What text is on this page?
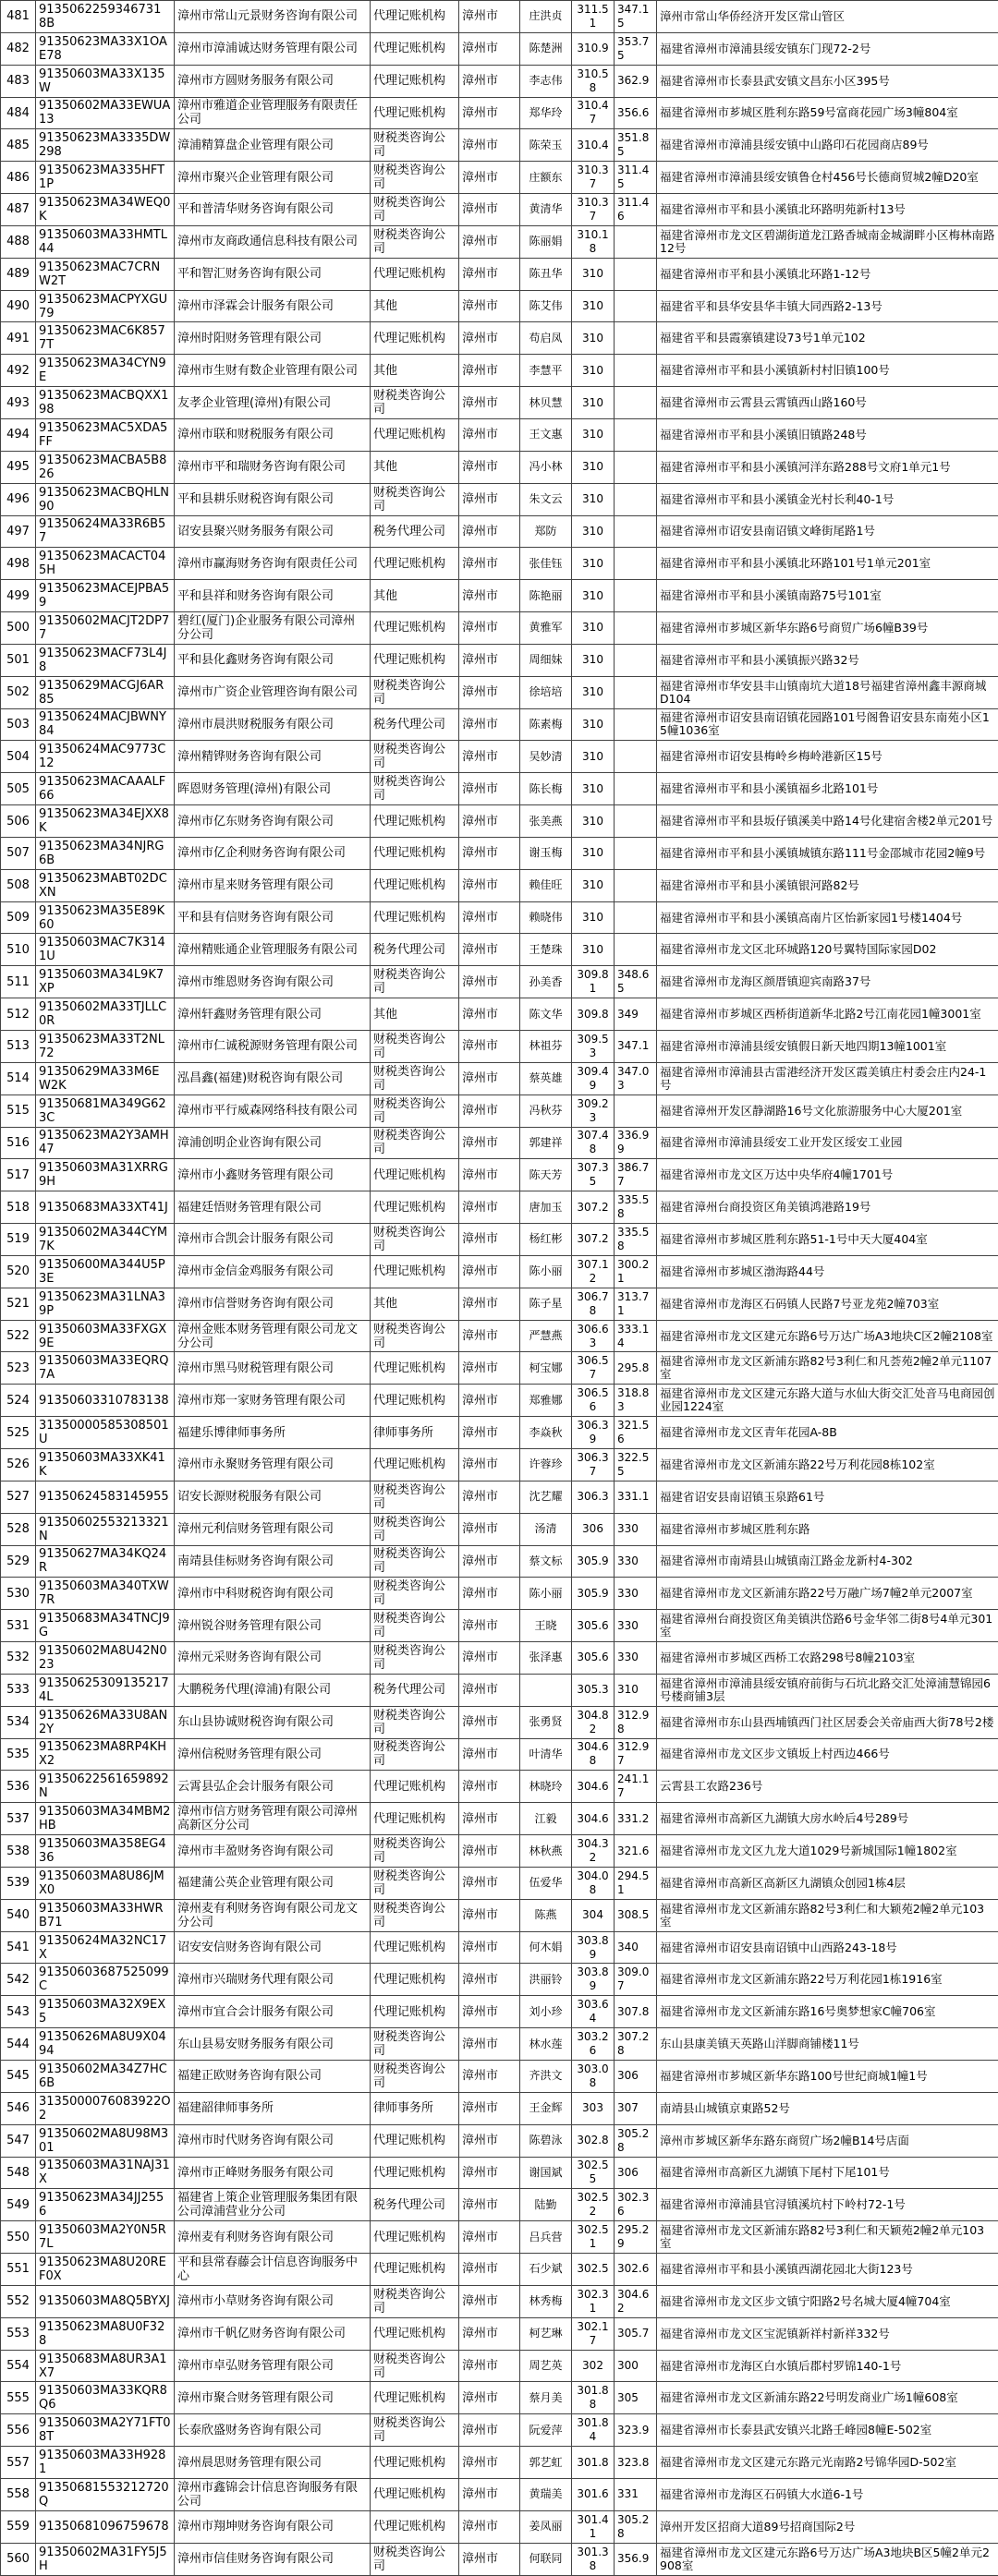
481	9135062259346731 8B	漳州市常山元景财务咨询有限公司	代理记账机构	漳州市	庄洪贞	311.51	347.15	漳州市常山华侨经济开发区常山管区
482	91350623MA33X1OAE78	漳州市漳浦诚达财务管理有限公司	代理记账机构	漳州市	陈楚洲	310.9	353.75	福建省漳州市漳浦县绥安镇东门现72-2号
483	91350603MA33X135W	漳州市方圆财务服务有限公司	代理记账机构	漳州市	李志伟	310.58	362.9	福建省漳州市长泰县武安镇文昌东小区395号
484	91350602MA33EWUA13	漳州市雅道企业管理服务有限责任公司	代理记账机构	漳州市	郑华玲	310.47	356.6	福建省漳州市芗城区胜利东路59号富商花园广场3幢804室
485	91350623MA3335DW298	漳浦精算盘企业管理有限公司	财税类咨询公司	漳州市	陈荣玉	310.4	351.85	福建省漳州市漳浦县绥安镇中山路印石花园商店89号
486	91350623MA335HFT1P	漳州市聚兴企业管理有限公司	财税类咨询公司	漳州市	庄额东	310.37	311.45	福建省漳州市漳浦县绥安镇鲁仓村456号长德商贸城2幢D20室
487	91350623MA34WEQ0K	平和普清华财务咨询有限公司	财税类咨询公司	漳州市	黄清华	310.37	311.46	福建省漳州市平和县小溪镇北环路明苑新村13号
488	91350603MA33HMTL44	漳州市友商政通信息科技有限公司	财税类咨询公司	漳州市	陈丽娟	310.18		福建省漳州市龙文区碧湖街道龙江路香城南金城湖畔小区梅林南路12号
489	91350623MAC7CRNW2T	平和智汇财务咨询有限公司	代理记账机构	漳州市	陈丑华	310		福建省漳州市平和县小溪镇北环路1-12号
490	91350623MACPYXGU79	漳州市泽霖会计服务有限公司	其他	漳州市	陈艾伟	310		福建省平和县华安县华丰镇大同西路2-13号
491	91350623MAC6K8577T	漳州时阳财务管理有限公司	代理记账机构	漳州市	苟启凤	310		福建省平和县霞寨镇建设73号1单元102
492	91350623MA34CYN9E	漳州市生财有数企业管理有限公司	其他	漳州市	李慧平	310		福建省漳州市平和县小溪镇新村村旧镇100号
493	91350623MACBQXX198	友孝企业管理(漳州)有限公司	财税类咨询公司	漳州市	林贝慧	310		福建省漳州市云霄县云霄镇西山路160号
494	91350623MAC5XDA5FF	漳州市联和财税服务有限公司	代理记账机构	漳州市	王文惠	310		福建省漳州市平和县小溪镇旧镇路248号
495	91350623MACBA5B826	漳州市平和瑞财务咨询有限公司	其他	漳州市	冯小林	310		福建省漳州市平和县小溪镇河洋东路288号文府1单元1号
496	91350623MACBQHLN90	平和县耕乐财税咨询有限公司	财税类咨询公司	漳州市	朱文云	310		福建省漳州市平和县小溪镇金光村长利40-1号
497	91350624MA33R6B57	诏安县聚兴财务服务有限公司	税务代理公司	漳州市	郑防	310		福建省漳州市诏安县南诏镇文峰街尾路1号
498	91350623MACACT045H	漳州市赢海财务咨询有限责任公司	代理记账机构	漳州市	张佳钰	310		福建省漳州市平和县小溪镇北环路101号1单元201室
499	91350623MACEJPBA59	平和县祥和财务咨询有限公司	其他	漳州市	陈艳丽	310		福建省漳州市平和县小溪镇南路75号101室
500	91350602MACJT2DP77	碧红(厦门)企业服务有限公司漳州分公司	代理记账机构	漳州市	黄雅军	310		福建省漳州市芗城区新华东路6号商贸广场6幢B39号
501	91350623MACF73L4J8	平和县化鑫财务咨询有限公司	代理记账机构	漳州市	周细妹	310		福建省漳州市平和县小溪镇振兴路32号
502	91350629MACGJ6AR85	漳州市广资企业管理咨询有限公司	财税类咨询公司	漳州市	徐培培	310		福建省漳州市华安县丰山镇南坑大道18号福建省漳州鑫丰源商城D104
503	91350624MACJBWNY84	漳州市晨洪财税服务有限公司	税务代理公司	漳州市	陈素梅	310		福建省漳州市诏安县南诏镇花园路101号阁鲁诏安县东南苑小区15幢1036室
504	91350624MAC9773C12	漳州精铧财务咨询有限公司	财税类咨询公司	漳州市	吴妙清	310		福建省漳州市诏安县梅岭乡梅岭港新区15号
505	91350623MACAAALF66	晖恩财务管理(漳州)有限公司	财税类咨询公司	漳州市	陈长梅	310		福建省漳州市平和县小溪镇福乡北路101号
506	91350623MA34EJXX8K	漳州市亿东财务咨询有限公司	代理记账机构	漳州市	张美燕	310		福建省漳州市平和县坂仔镇溪美中路14号化建宿舍楼2单元201号
507	91350623MA34NJRG6B	漳州市亿企利财务咨询有限公司	代理记账机构	漳州市	谢玉梅	310		福建省漳州市平和县小溪镇城镇东路111号金邵城市花园2幢9号
508	91350623MABT02DCXN	漳州市星来财务管理有限公司	代理记账机构	漳州市	赖佳旺	310		福建省漳州市平和县小溪镇银河路82号
509	91350623MA35E89K60	平和县有信财务咨询有限公司	代理记账机构	漳州市	赖晓伟	310		福建省漳州市平和县小溪镇高南片区怡新家园1号楼1404号
510	91350603MAC7K3141U	漳州精账通企业管理服务有限公司	税务代理公司	漳州市	王楚珠	310		福建省漳州市龙文区北环城路120号翼特国际家园D02
511	91350603MA34L9K7XP	漳州市维恩财务咨询有限公司	财税类咨询公司	漳州市	孙美香	309.81	348.65	福建省漳州市龙海区颜厝镇迎宾南路37号
512	91350602MA33TJLLC0R	漳州轩鑫财务管理有限公司	其他	漳州市	陈文华	309.8	349	福建省漳州市芗城区西桥街道新华北路2号江南花园1幢3001室
513	91350623MA33T2NL72	漳州市仁诚税源财务管理有限公司	财税类咨询公司	漳州市	林祖芬	309.53	347.1	福建省漳州市漳浦县绥安镇假日新天地四期13幢1001室
514	91350629MA33M6EW2K	泓昌鑫(福建)财税咨询有限公司	财税类咨询公司	漳州市	蔡英雄	309.49	347.03	福建省漳州市漳浦县古雷港经济开发区霞美镇庄村委会庄内24-1号
515	91350681MA349G623C	漳州市平行威森网络科技有限公司	财税类咨询公司	漳州市	冯秋芬	309.23		福建省漳州开发区静湖路16号文化旅游服务中心大厦201室
516	91350623MA2Y3AMH47	漳浦创明企业咨询有限公司	财税类咨询公司	漳州市	郭建祥	307.48	336.99	福建省漳州市漳浦县绥安工业开发区绥安工业园
517	91350603MA31XRRG9H	漳州市小鑫财务管理有限公司	代理记账机构	漳州市	陈天芳	307.35	386.77	福建省漳州市龙文区万达中央华府4幢1701号
518	91350683MA33XT41J	福建廷悟财务管理有限公司	代理记账机构	漳州市	唐加玉	307.2	335.58	福建省漳州台商投资区角美镇鸿港路19号
519	91350602MA344CYM7K	漳州市合凯会计服务有限公司	财税类咨询公司	漳州市	杨红彬	307.2	335.58	福建省漳州市芗城区胜利东路51-1号中天大厦404室
520	91350600MA344U5P3E	漳州市金信金鸡服务有限公司	代理记账机构	漳州市	陈小丽	307.12	300.21	福建省漳州市芗城区渤海路44号
521	91350623MA31LNA39P	漳州市信誉财务咨询有限公司	其他	漳州市	陈子星	306.78	313.71	福建省漳州市龙海区石码镇人民路7号亚龙苑2幢703室
522	91350603MA33FXGX9E	漳州金账本财务管理有限公司龙文分公司	财税类咨询公司	漳州市	严慧燕	306.63	333.14	福建省漳州市龙文区建元东路6号万达广场A3地块C区2幢2108室
523	91350603MA33EQRQ7A	漳州市黑马财税管理有限公司	代理记账机构	漳州市	柯宝娜	306.57	295.8	福建省漳州市龙文区新浦东路82号3利仁和凡荟苑2幢2单元1107室
524	91350603310783138	漳州市郑一家财务管理有限公司	代理记账机构	漳州市	郑雅娜	306.56	318.83	福建省漳州市龙文区建元东路大道与水仙大街交汇处音马电商园创业园1224室
525	31350000585308501U	福建乐博律师事务所	律师事务所	漳州市	李焱秋	306.39	321.56	福建省漳州市龙文区青年花园A-8B
526	91350603MA33XK41K	漳州市永聚财务管理有限公司	代理记账机构	漳州市	许蓉珍	306.37	322.55	福建省漳州市龙文区新浦东路22号万利花园8栋102室
527	91350624583145955	诏安长源财税服务有限公司	财税类咨询公司	漳州市	沈艺耀	306.3	331.1	福建省诏安县南诏镇玉泉路61号
528	91350602553213321N	漳州元利信财务管理有限公司	财税类咨询公司	漳州市	汤清	306	330	福建省漳州市芗城区胜利东路
529	91350627MA34KQ24R	南靖县佳标财务咨询有限公司	财税类咨询公司	漳州市	蔡文标	305.9	330	福建省漳州市南靖县山城镇南江路金龙新村4-302
530	91350603MA340TXW7R	漳州市中科财税咨询有限公司	财税类咨询公司	漳州市	陈小丽	305.9	330	福建省漳州市龙文区新浦东路22号万融广场7幢2单元2007室
531	91350683MA34TNCJ9G	漳州锐谷财务管理有限公司	财税类咨询公司	漳州市	王晓	305.6	330	福建省漳州台商投资区角美镇洪岱路6号金华邻二街8号4单元301室
532	91350602MA8U42N023	漳州元采财务咨询有限公司	财税类咨询公司	漳州市	张泽惠	305.6	330	福建省漳州市芗城区西桥工农路298号8幢2103室
533	91350625309135217 4L	大鹏税务代理(漳浦)有限公司	税务代理公司	漳州市		305.3	310	福建省漳州市漳浦县绥安镇府前街与石坑北路交汇处漳浦慧锦园6号楼商铺3层
534	91350626MA33U8AN2Y	东山县协诚财税咨询有限公司	财税类咨询公司	漳州市	张勇贤	304.82	312.98	福建省漳州市东山县西埔镇西门社区居委会关帝庙西大街78号2楼
535	91350623MA8RP4KHX2	漳州信税财务管理有限公司	财税类咨询公司	漳州市	叶清华	304.68	312.97	福建省漳州市龙文区步文镇坂上村西边466号
536	91350622561659892N	云霄县弘企会计服务有限公司	代理记账机构	漳州市	林晓玲	304.6	241.17	云霄县工农路236号
537	91350603MA34MBM2HB	漳州市信方财务管理有限公司漳州高新区分公司	代理记账机构	漳州市	江毅	304.6	331.2	福建省漳州市高新区九湖镇大房水岭后4号289号
538	91350603MA358EG436	漳州市丰盈财务咨询有限公司	财税类咨询公司	漳州市	林秋燕	304.32	321.6	福建省漳州市龙文区九龙大道1029号新城国际1幢1802室
539	91350603MA8U86JMX0	福建蒲公英企业管理有限公司	财税类咨询公司	漳州市	伍爱华	304.08	294.51	福建省漳州市高新区高新区九湖镇众创园1栋4层
540	91350603MA33HWRB71	漳州麦有利财务咨询有限公司龙文分公司	财税类咨询公司	漳州市	陈燕	304	308.5	福建省漳州市龙文区新浦东路82号3利仁和大颖苑2幢2单元103室
541	91350624MA32NC17X	诏安安信财务咨询有限公司	代理记账机构	漳州市	何木娟	303.89	340	福建省漳州市诏安县南诏镇中山西路243-18号
542	91350603687525099C	漳州市兴瑞财务代理有限公司	代理记账机构	漳州市	洪丽铃	303.89	309.07	福建省漳州市龙文区新浦东路22号万利花园1栋1916室
543	91350603MA32X9EX5	漳州市宜合会计服务有限公司	代理记账机构	漳州市	刘小珍	303.64	307.8	福建省漳州市龙文区新浦东路16号奥梦想家C幢706室
544	91350626MA8U9X0494	东山县易安财务服务有限公司	财税类咨询公司	漳州市	林水莲	303.26	307.28	东山县康美镇天英路山洋脚商铺楼11号
545	91350602MA34Z7HC6B	福建正欧财务咨询有限公司	财税类咨询公司	漳州市	齐洪文	303.08	306	福建省漳州市芗城区新华东路100号世纪商城1幢1号
546	3135000076083922O2	福建韶律师事务所	律师事务所	漳州市	王金辉	303	307	南靖县山城镇京東路52号
547	91350602MA8U98M301	漳州市时代财务咨询有限公司	代理记账机构	漳州市	陈碧泳	302.8	305.28	漳州市芗城区新华东路东商贸广场2幢B14号店面
548	91350603MA31NAJ31X	漳州市正峰财务服务有限公司	代理记账机构	漳州市	谢国斌	302.55	306	福建省漳州市高新区九湖镇下尾村下尾101号
549	91350623MA34JJ2556	福建省上策企业管理服务集团有限公司漳浦营业分公司	税务代理公司	漳州市	陆勤	302.52	302.36	福建省漳州市漳浦县官浔镇溪坑村下岭村72-1号
550	91350603MA2Y0N5R7L	漳州麦有利财务咨询有限公司	代理记账机构	漳州市	吕兵营	302.51	295.29	福建省漳州市龙文区新浦东路82号3利仁和天颖苑2幢2单元103室
551	91350623MA8U20REF0X	平和县常春藤会计信息咨询服务中心	代理记账机构	漳州市	石少斌	302.5	302.6	福建省漳州市平和县小溪镇西湖花园北大街123号
552	91350603MA8Q5BYXJ	漳州市小草财务咨询有限公司	财税类咨询公司	漳州市	林秀梅	302.31	304.62	福建省漳州市龙文区步文镇宁阳路2号名城大厦4幢704室
553	91350623MA8U0F328	漳州市千帆亿财务咨询有限公司	代理记账机构	漳州市	柯艺琳	302.17	305.7	福建省漳州市龙文区宝泥镇新祥村新祥332号
554	91350683MA8UR3A1X7	漳州市卓弘财务管理有限公司	财税类咨询公司	漳州市	周艺英	302	300	福建省漳州市龙海区白水镇后郡村罗锦140-1号
555	91350603MA33KQR8Q6	漳州市聚合财务管理有限公司	代理记账机构	漳州市	蔡月美	301.88	305	福建省漳州市龙文区新浦东路22号明发商业广场1幢608室
556	91350603MA2Y71FT08T	长泰欣盛财务咨询有限公司	财税类咨询公司	漳州市	阮爱萍	301.84	323.9	福建省漳州市长泰县武安镇兴北路壬峰园8幢E-502室
557	91350603MA33H9281	漳州晨思财务管理有限公司	代理记账机构	漳州市	郭艺虹	301.8	323.8	福建省漳州市龙文区建元东路元光南路2号锦华园D-502室
558	91350681553212720Q	漳州市鑫锦会计信息咨询服务有限公司	代理记账机构	漳州市	黄瑞美	301.6	331	福建省漳州市龙海区石码镇大水道6-1号
559	91350681096759678	漳州市翔坤财务咨询有限公司	代理记账机构	漳州市	姜凤丽	301.41	305.28	漳州开发区招商大道89号招商国际2号
560	91350602MA31FY5J5H	漳州市信佳财务咨询有限公司	财税类咨询公司	漳州市	何联同	301.38	356.9	福建省漳州市龙文区建元东路6号万达广场A3地块B区5幢2单元2908室
